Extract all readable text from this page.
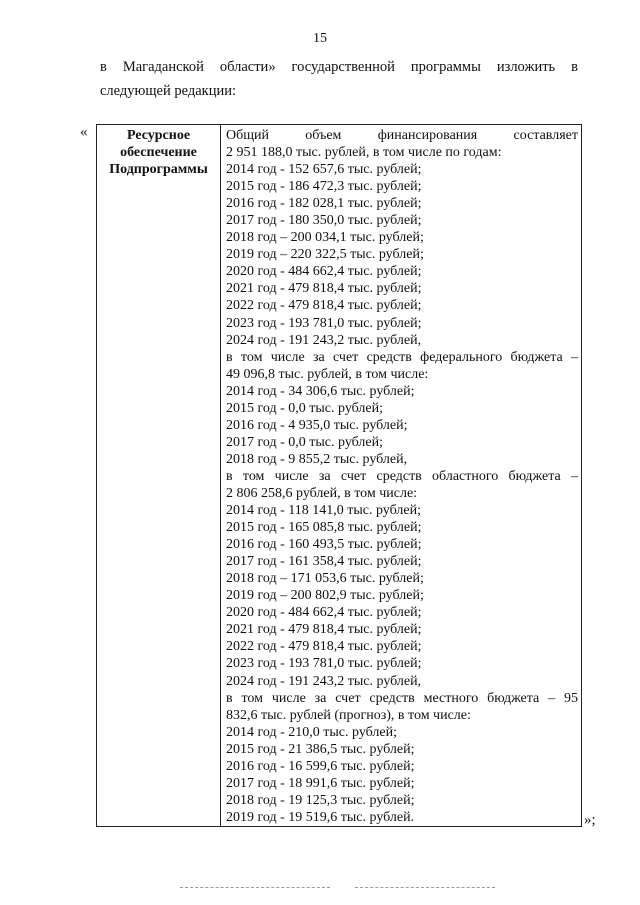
15
в Магаданской области» государственной программы изложить в
следующей редакции:
«	Ресурсное
обеспечение
Подпрограммы

Общий объем финансирования составляет
2 951 188,0 тыс. рублей, в том числе по годам:
2014 год - 152 657,6 тыс. рублей;
2015 год - 186 472,3 тыс. рублей;
2016 год - 182 028,1 тыс. рублей;
2017 год - 180 350,0 тыс. рублей;
2018 год – 200 034,1 тыс. рублей;
2019 год – 220 322,5 тыс. рублей;
2020 год - 484 662,4 тыс. рублей;
2021 год - 479 818,4 тыс. рублей;
2022 год - 479 818,4 тыс. рублей;
2023 год - 193 781,0 тыс. рублей;
2024 год - 191 243,2 тыс. рублей,
в том числе за счет средств федерального бюджета –
49 096,8 тыс. рублей, в том числе:
2014 год - 34 306,6 тыс. рублей;
2015 год - 0,0 тыс. рублей;
2016 год - 4 935,0 тыс. рублей;
2017 год - 0,0 тыс. рублей;
2018 год - 9 855,2 тыс. рублей,
в том числе за счет средств областного бюджета –
2 806 258,6 рублей, в том числе:
2014 год - 118 141,0 тыс. рублей;
2015 год - 165 085,8 тыс. рублей;
2016 год - 160 493,5 тыс. рублей;
2017 год - 161 358,4 тыс. рублей;
2018 год – 171 053,6 тыс. рублей;
2019 год – 200 802,9 тыс. рублей;
2020 год - 484 662,4 тыс. рублей;
2021 год - 479 818,4 тыс. рублей;
2022 год - 479 818,4 тыс. рублей;
2023 год - 193 781,0 тыс. рублей;
2024 год - 191 243,2 тыс. рублей,
в том числе за счет средств местного бюджета – 95
832,6 тыс. рублей (прогноз), в том числе:
2014 год - 210,0 тыс. рублей;
2015 год - 21 386,5 тыс. рублей;
2016 год - 16 599,6 тыс. рублей;
2017 год - 18 991,6 тыс. рублей;
2018 год - 19 125,3 тыс. рублей;
2019 год - 19 519,6 тыс. рублей.	»;
